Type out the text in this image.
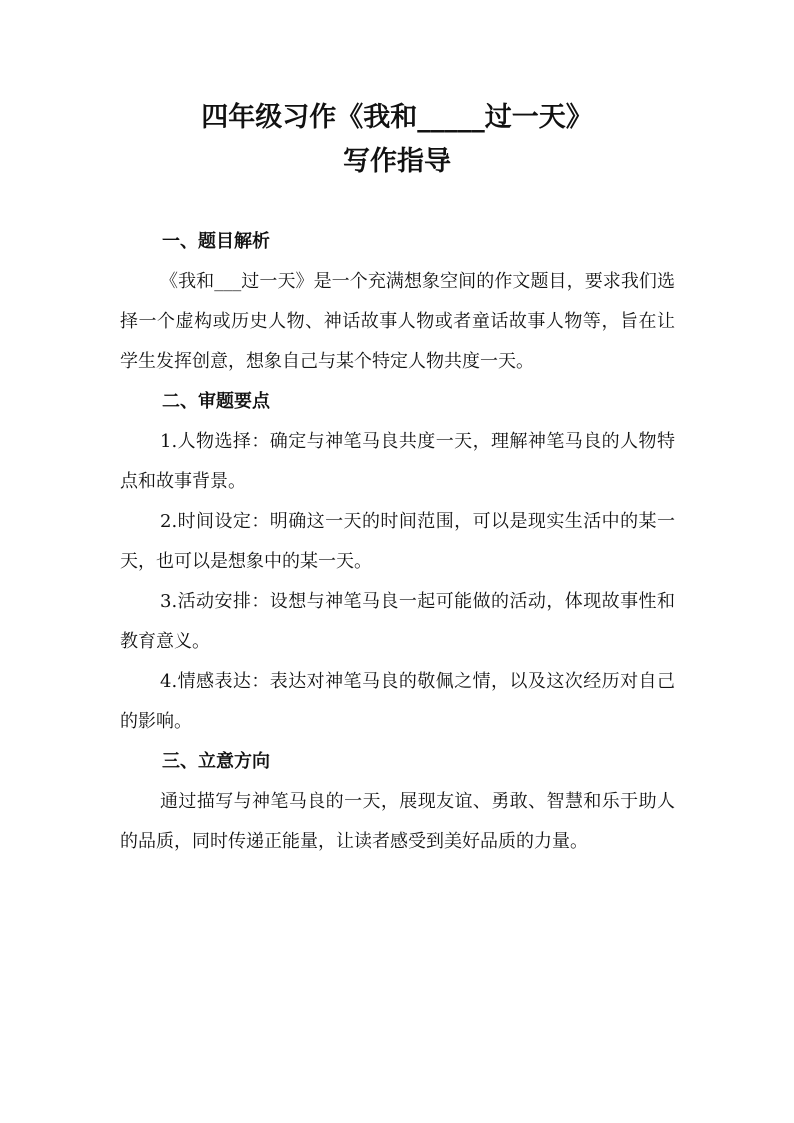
四年级习作《我和_____过一天》

写作指导

一、题目解析

《我和___过一天》是一个充满想象空间的作文题目，要求我们选择一个虚构或历史人物、神话故事人物或者童话故事人物等，旨在让学生发挥创意，想象自己与某个特定人物共度一天。

二、审题要点

1.人物选择：确定与神笔马良共度一天，理解神笔马良的人物特点和故事背景。

2.时间设定：明确这一天的时间范围，可以是现实生活中的某一天，也可以是想象中的某一天。

3.活动安排：设想与神笔马良一起可能做的活动，体现故事性和教育意义。

4.情感表达：表达对神笔马良的敬佩之情，以及这次经历对自己的影响。

三、立意方向

通过描写与神笔马良的一天，展现友谊、勇敢、智慧和乐于助人的品质，同时传递正能量，让读者感受到美好品质的力量。
